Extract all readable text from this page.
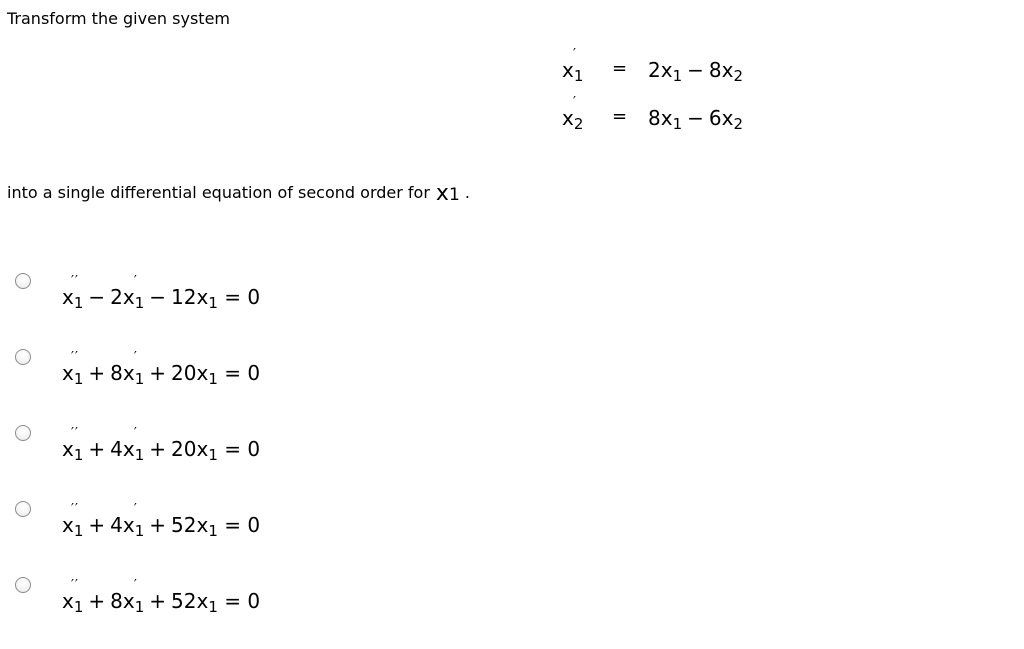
Transform the given system
$x_1$
′
= $2x_1 - 8x_2$
$x_2$
′
= $8x_1 - 6x_2$
into a single differential equation of second order for x1 .
$x_1$
′′
− $2x_1$
′
− $12x_1 = 0$
$x_1$
′′
+ $8x_1$
′
+ $20x_1 = 0$
$x_1$
′′
+ $4x_1$
′
+ $20x_1 = 0$
$x_1$
′′
+ $4x_1$
′
+ $52x_1 = 0$
$x_1$
′′
+ $8x_1$
′
+ $52x_1 = 0$
